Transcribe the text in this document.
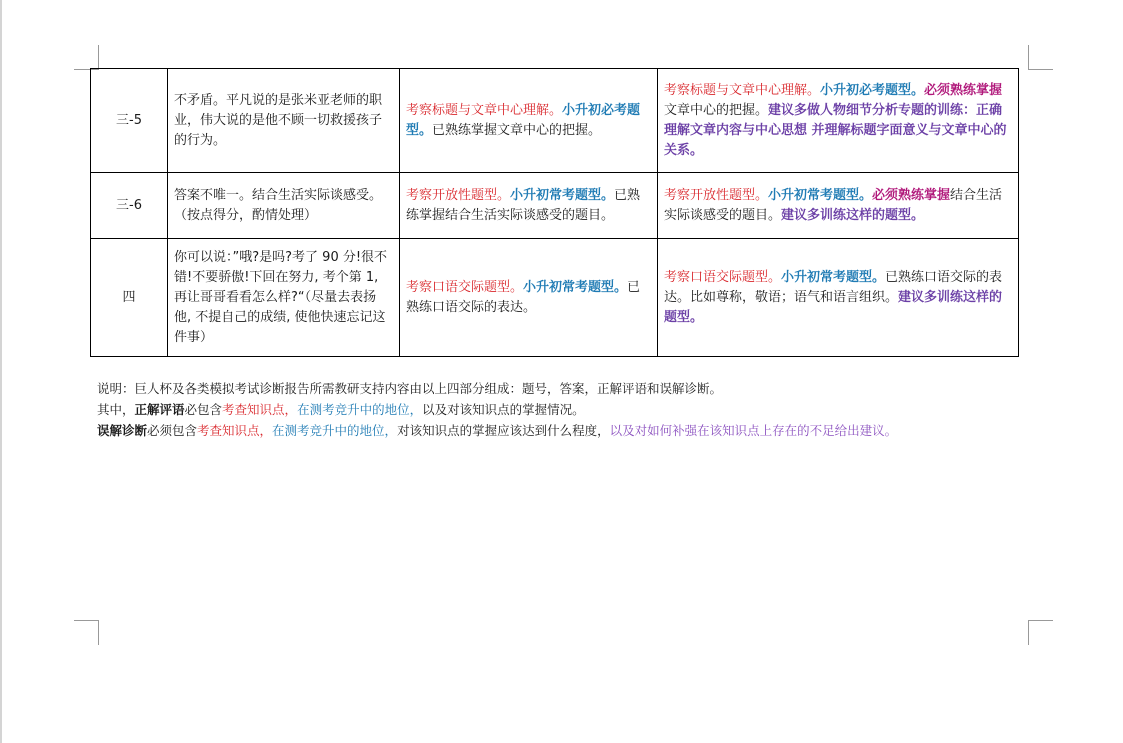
三-5	不矛盾。平凡说的是张米亚老师的职业，伟大说的是他不顾一切救援孩子的行为。	考察标题与文章中心理解。小升初必考题型。已熟练掌握文章中心的把握。	考察标题与文章中心理解。小升初必考题型。必须熟练掌握文章中心的把握。建议多做人物细节分析专题的训练：正确理解文章内容与中心思想 并理解标题字面意义与文章中心的关系。
三-6	答案不唯一。结合生活实际谈感受。（按点得分，酌情处理）	考察开放性题型。小升初常考题型。已熟练掌握结合生活实际谈感受的题目。	考察开放性题型。小升初常考题型。必须熟练掌握结合生活实际谈感受的题目。建议多训练这样的题型。
四	你可以说：”哦?是吗?考了 90 分!很不错!不要骄傲!下回在努力, 考个第 1, 再让哥哥看看怎么样?“（尽量去表扬他, 不提自己的成绩, 使他快速忘记这件事）	考察口语交际题型。小升初常考题型。已熟练口语交际的表达。	考察口语交际题型。小升初常考题型。已熟练口语交际的表达。比如尊称，敬语；语气和语言组织。建议多训练这样的题型。
说明：巨人杯及各类模拟考试诊断报告所需教研支持内容由以上四部分组成：题号，答案，正解评语和误解诊断。
其中，正解评语必包含考查知识点，在测考竞升中的地位，以及对该知识点的掌握情况。
误解诊断必须包含考查知识点，在测考竞升中的地位，对该知识点的掌握应该达到什么程度，以及对如何补强在该知识点上存在的不足给出建议。
